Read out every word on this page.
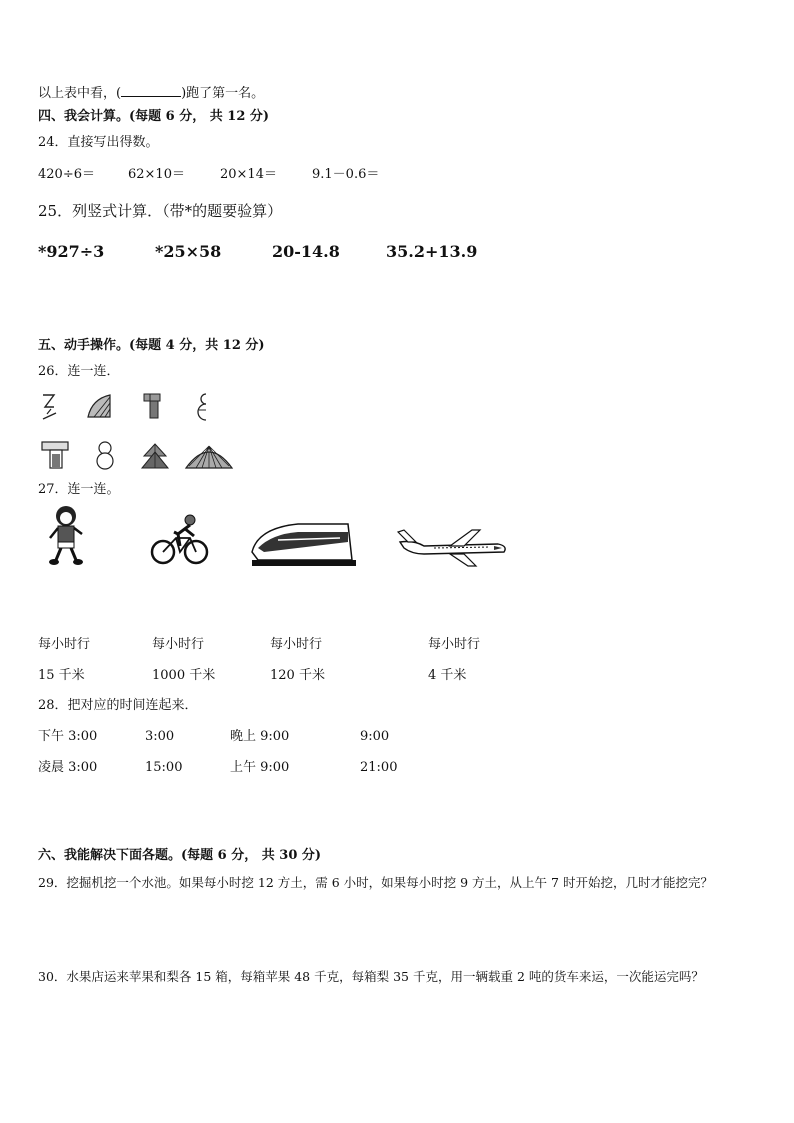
以上表中看，(	)跑了第一名。
四、我会计算。(每题 6 分， 共 12 分)
24．直接写出得数。
420÷6＝	62×10＝	20×14＝	9.1－0.6＝
25．列竖式计算．（带*的题要验算）
*927÷3	*25×58	20-14.8	35.2+13.9
五、动手操作。(每题 4 分，共 12 分)
26．连一连．
27．连一连。
每小时行	每小时行	每小时行	每小时行
15 千米	1000 千米	120 千米	4 千米
28．把对应的时间连起来．
下午 3:00	3:00	晚上 9:00	9:00
凌晨 3:00	15:00	上午 9:00	21:00
六、我能解决下面各题。(每题 6 分， 共 30 分)
29．挖掘机挖一个水池。如果每小时挖 12 方土，需 6 小时，如果每小时挖 9 方土，从上午 7 时开始挖，几时才能挖完？
30．水果店运来苹果和梨各 15 箱，每箱苹果 48 千克，每箱梨 35 千克，用一辆载重 2 吨的货车来运，一次能运完吗？
